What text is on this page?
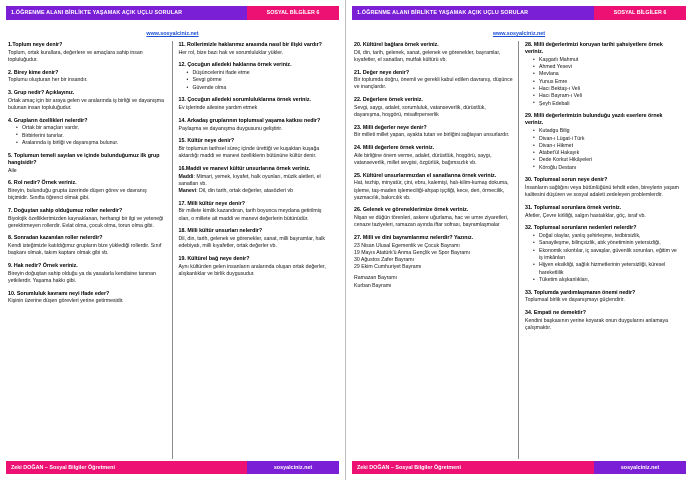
1.ÖĞRENME ALANI BİRLİKTE YAŞAMAK AÇIK UÇLU SORULAR	SOSYAL BİLGİLER 6
www.sosyalciniz.net
1.Toplum neye denir?
Toplum, ortak kurallara, değerlere ve amaçlara sahip insan topluluğudur.
2. Birey kime denir?
Toplumu oluşturan her bir insandır.
3. Grup nedir? Açıklayınız.
Ortak amaç için bir araya gelen ve aralarında iş birliği ve dayanışma bulunan insan topluluğudur.
4. Grupların özellikleri nelerdir?
• Ortak bir amaçları vardır.
• Birbirlerini tanırlar.
• Aralarında iş birliği ve dayanışma bulunur.
5. Toplumun temeli sayılan ve içinde bulunduğumuz ilk grup hangisidir?
Aile
6. Rol nedir? Örnek veriniz.
Bireyin, bulunduğu grupta üzerinde düşen görev ve davranış biçimidir. Sınıfta öğrenci olmak gibi.
7. Doğuştan sahip olduğumuz roller nelerdir?
Biyolojik özelliklerimizden kaynaklanan, herhangi bir ilgi ve yeteneği gerektirmeyen rollerdir. Evlat olma, çocuk olma, torun olma gibi.
8. Sonradan kazanılan roller nelerdir?
Kendi isteğimizle katıldığımız grupların bize yüklediği rollerdir. Sınıf başkanı olmak, takım kaptanı olmak gibi vb.
9. Hak nedir? Örnek veriniz.
Bireyin doğuştan sahip olduğu ya da yasalarla kendisine tanınan yetkilerdir. Yaşama hakkı gibi.
10. Sorumluluk kavramı neyi ifade eder?
Kişinin üzerine düşen görevleri yerine getirmesidir.
11. Rollerimizle haklarımız arasında nasıl bir ilişki vardır?
Her rol, bize bazı hak ve sorumluluklar yükler.
12. Çocuğun ailedeki haklarına örnek veriniz.
• Düşüncelerini ifade etme
• Sevgi görme
• Güvende olma
13. Çocuğun ailedeki sorumluluklarına örnek veriniz.
Ev işlerinde ailesine yardım etmek
14. Arkadaş gruplarının toplumsal yaşama katkısı nedir?
Paylaşma ve dayanışma duygusunu geliştirir.
15. Kültür neye denir?
Bir toplumun tarihsel süreç içinde ürettiği ve kuşaktan kuşağa aktardığı maddi ve manevi özelliklerin bütününe kültür denir.
16.Maddi ve manevi kültür unsurlarına örnek veriniz.
Maddi: Mimari, yemek, kıyafet, halk oyunları, müzik aletleri, el sanatları vb.
Manevi: Dil, din tarih, ortak değerler, atasözleri vb
17. Milli kültür neye denir?
Bir millete kimlik kazandıran, tarih boyunca meydana getirilmiş olan, o millete ait maddi ve manevi değerlerin bütünüdür.
18. Milli kültür unsurları nelerdir?
Dil, din, tarih, gelenek ve görenekler, sanat, milli bayramlar, halk edebiyatı, milli kıyafetler, ortak değerler vb.
19. Kültürel bağ neye denir?
Aynı kültürden gelen insanların aralarında oluşan ortak değerler, alışkanlıklar ve birlik duygusudur.
Zeki DOĞAN – Sosyal Bilgiler Öğretmeni	sosyalciniz.net
1.ÖĞRENME ALANI BİRLİKTE YAŞAMAK AÇIK UÇLU SORULAR	SOSYAL BİLGİLER 6
www.sosyalciniz.net
20. Kültürel bağlara örnek veriniz.
Dil, din, tarih, gelenek, sanat, gelenek ve görenekler, bayramlar, kıyafetler, el sanatları, mutfak kültürü vb.
21. Değer neye denir?
Bir toplumda doğru, önemli ve gerekli kabul edilen davranış, düşünce ve inançlardır.
22. Değerlere örnek veriniz.
Sevgi, saygı, adalet, sorumluluk, vatanseverlik, dürüstlük, dayanışma, hoşgörü, misafirperverlik
23. Milli değerler neye denir?
Bir milleti millet yapan, ayakta tutan ve birliğini sağlayan unsurlardır.
24. Milli değerlere örnek veriniz.
Aile birliğine önem verme, adalet, dürüstlük, hoşgörü, saygı, vatanseverlik, millet sevgisi, özgürlük, bağımsızlık vb.
25. Kültürel unsurlarımızdan el sanatlarına örnek veriniz.
Hat, tezhip, minyatür, çini, ebru, kalemişi, halı-kilim-kumaş dokuma, işleme, taş-maden işlemeciliği-ahşap işçiliği, kece, deri, örmecilik, yazmacılık, bakırcılık vb.
26. Gelenek ve göreneklerimize örnek veriniz.
Nişan ve düğün törenleri, askere uğurlama, hac ve umre ziyaretleri, cenaze taziyeleri, ramazan ayında iftar sofrası, bayramlaşmalar
27. Milli ve dini bayramlarımız nelerdir? Yazınız.
23 Nisan Ulusal Egemenlik ve Çocuk Bayramı
19 Mayıs Atatürk'ü Anma Gençlik ve Spor Bayramı
30 Ağustos Zafer Bayramı
29 Ekim Cumhuriyet Bayramı
Ramazan Bayramı
Kurban Bayramı
28. Milli değerlerimizi koruyan tarihi şahsiyetlere örnek veriniz.
• Kaşgarlı Mahmut
• Ahmed Yesevi
• Mevlana
• Yunus Emre
• Hacı Bektaş-ı Veli
• Hacı Bayram-ı Veli
• Şeyh Edebali
29. Milli değerlerimizin bulunduğu yazılı eserlere örnek veriniz.
• Kutadgu Bilig
• Divan-ı Lügat-i Türk
• Divan-ı Hikmet
• Atabet'ül Hakayık
• Dede Korkut Hikâyeleri
• Köroğlu Destanı
30. Toplumsal sorun neye denir?
İnsanların sağlığını veya bütünlüğünü tehdit eden, bireylerin yaşam kalitesini düşüren ve sosyal adaleti zedeleyen problemlerdir.
31. Toplumsal sorunlara örnek veriniz.
Afetler, Çevre kirliliği, salgın hastalıklar, göç, israf vb.
32. Toplumsal sorunların nedenleri nelerdir?
• Doğal olaylar, yanlış şehirleşme, tedbirsizlik,
• Sanayileşme, bilinçsizlik, atık yönetiminin yetersizliği,
• Ekonomik sıkıntılar, iç savaşlar, güvenlik sorunları, eğitim ve iş imkânları
• Hijyen eksikliği, sağlık hizmetlerinin yetersizliği, küresel hareketlilik
• Tüketim alışkanlıkları,
33. Toplumda yardımlaşmanın önemi nedir?
Toplumsal birlik ve dayanışmayı güçlendirir.
34. Empati ne demektir?
Kendini başkasının yerine koyarak onun duygularını anlamaya çalışmaktır.
Zeki DOĞAN – Sosyal Bilgiler Öğretmeni	sosyalciniz.net
